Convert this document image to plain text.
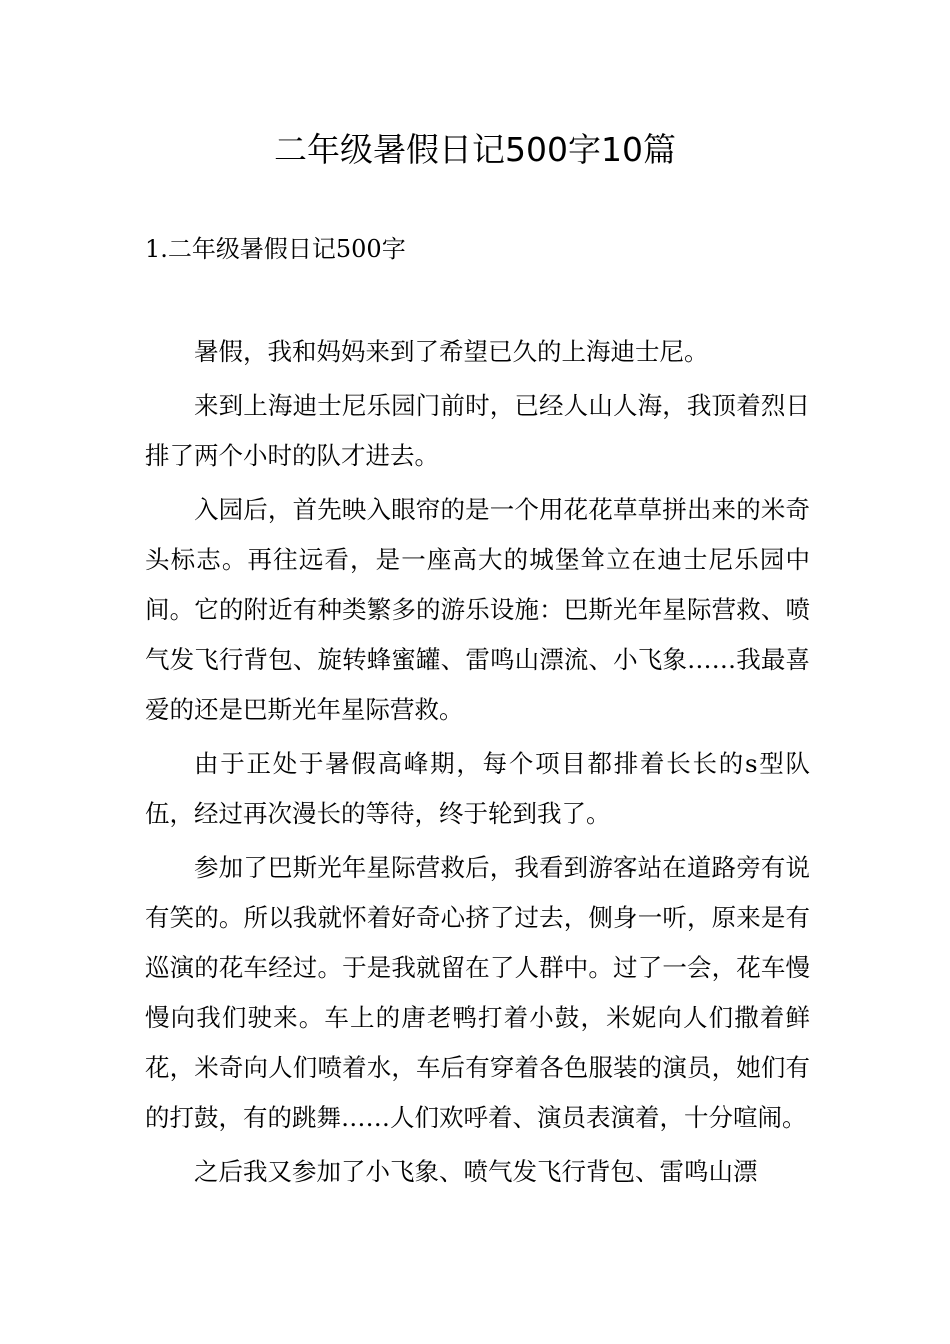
二年级暑假日记500字10篇
1.二年级暑假日记500字

暑假，我和妈妈来到了希望已久的上海迪士尼。

来到上海迪士尼乐园门前时，已经人山人海，我顶着烈日排了两个小时的队才进去。

入园后，首先映入眼帘的是一个用花花草草拼出来的米奇头标志。再往远看，是一座高大的城堡耸立在迪士尼乐园中间。它的附近有种类繁多的游乐设施：巴斯光年星际营救、喷气发飞行背包、旋转蜂蜜罐、雷鸣山漂流、小飞象……我最喜爱的还是巴斯光年星际营救。

由于正处于暑假高峰期，每个项目都排着长长的s型队伍，经过再次漫长的等待，终于轮到我了。

参加了巴斯光年星际营救后，我看到游客站在道路旁有说有笑的。所以我就怀着好奇心挤了过去，侧身一听，原来是有巡演的花车经过。于是我就留在了人群中。过了一会，花车慢慢向我们驶来。车上的唐老鸭打着小鼓，米妮向人们撒着鲜花，米奇向人们喷着水，车后有穿着各色服装的演员，她们有的打鼓，有的跳舞……人们欢呼着、演员表演着，十分喧闹。

之后我又参加了小飞象、喷气发飞行背包、雷鸣山漂
